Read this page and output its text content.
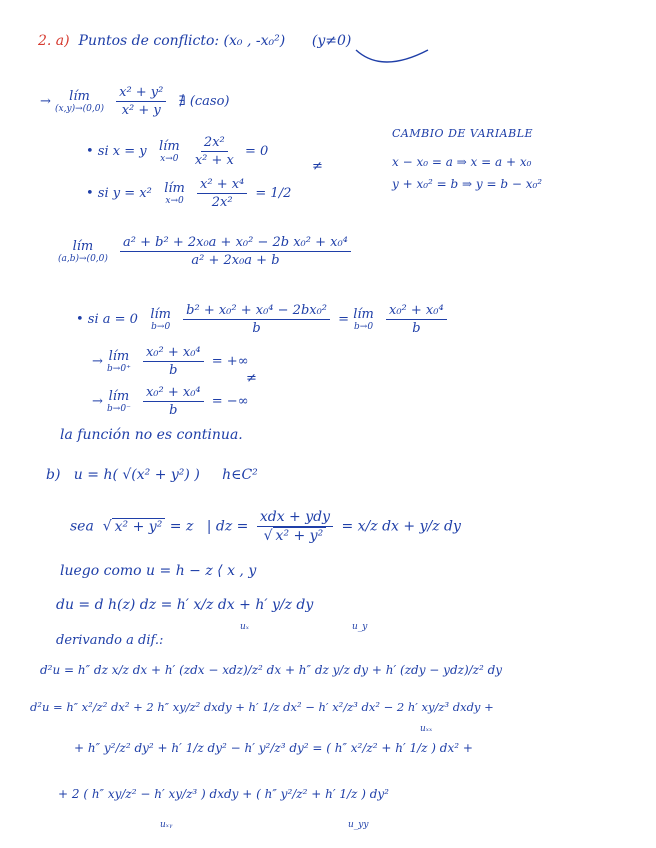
2. a) Puntos de conflicto: (x₀ , -x₀²) (y≠0)
→ lím
(x,y)→(0,0)
$\frac{\text{x² + y²}}{\text{x² + y}}$ ∄ (caso)
• si x = y lím
x→0
$\frac{\text{2x²}}{\text{x² + x}} = 0$
≠
• si y = x² lím
x→0
$\frac{\text{x² + x⁴}}{\text{2x²}} = 1/2$
CAMBIO DE VARIABLE
x − x₀ = a ⇒ x = a + x₀
y + x₀² = b ⇒ y = b − x₀²
lím
(a,b)→(0,0)
$\frac{\text{a² + b² + 2x₀a + x₀² − 2b x₀² + x₀⁴}}{\text{a² + 2x₀a + b}}$
• si a = 0 lím
b→0
$\frac{\text{b² + x₀² + x₀⁴ − 2bx₀²}}{b}$ = lím
b→0
$\frac{\text{x₀² + x₀⁴}}{b}$
→ lím
b→0⁺
$\frac{\text{x₀² + x₀⁴}}{b}$ = +∞
≠
→ lím
b→0⁻
$\frac{\text{x₀² + x₀⁴}}{b}$ = −∞
la función no es continua.
b) u = h( √(x² + y²) ) h∈C²
sea  √ x² + y² = z | dz = $\frac{\text{xdx + ydy}}{\text{√ x² + y²}} = x/z$ dx + y/z dy
luego como u = h − z ⟨ x , y
du = d h(z) dz = h′ x/z dx + h′ y/z dy
uₓ	u_y
derivando a dif.:
d²u = h″ dz x/z dx + h′ (zdx − xdz)/z² dx + h″ dz y/z dy + h′ (zdy − ydz)/z² dy
d²u = h″ x²/z² dx² + 2 h″ xy/z² dxdy + h′ 1/z dx² − h′ x²/z³ dx² − 2 h′ xy/z³ dxdy +
uₓₓ
+ h″ y²/z² dy² + h′ 1/z dy² − h′ y²/z³ dy² = ( h″ x²/z² + h′ 1/z ) dx² +
+ 2 ( h″ xy/z² − h′ xy/z³ ) dxdy + ( h″ y²/z² + h′ 1/z ) dy²
uₓᵧ	u_yy
